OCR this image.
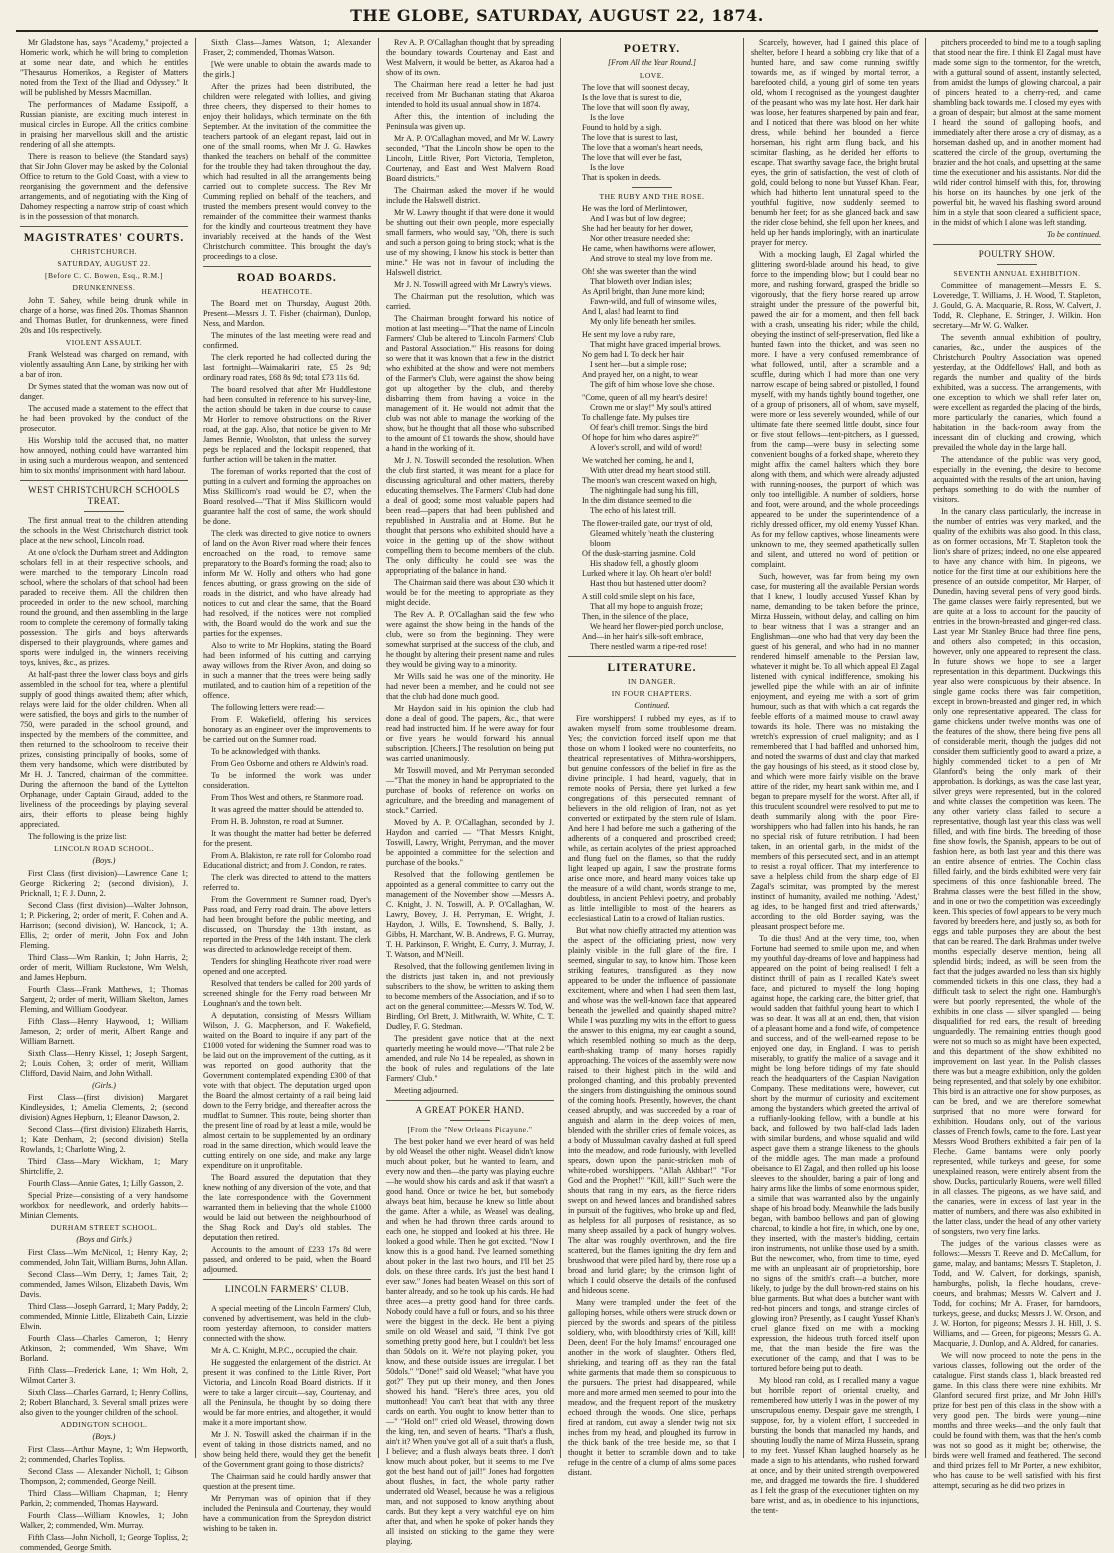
THE GLOBE, SATURDAY, AUGUST 22, 1874.

Mr Gladstone has, says "Academy," projected a Homeric work, which he will bring to completion at some near date, and which he entitles "Thesaurus Homerikos, a Register of Matters noted from the Text of the Iliad and Odyssey." It will be published by Messrs Macmillan.

The performances of Madame Essipoff, a Russian pianiste, are exciting much interest in musical circles in Europe. All the critics combine in praising her marvellous skill and the artistic rendering of all she attempts.

There is reason to believe (the Standard says) that Sir John Glover may be asked by the Colonial Office to return to the Gold Coast, with a view to reorganising the government and the defensive arrangements, and of negotiating with the King of Dahomey respecting a narrow strip of coast which is in the possession of that monarch.

MAGISTRATES' COURTS.
CHRISTCHURCH.
SATURDAY, AUGUST 22.
[Before C. C. Bowen, Esq., R.M.]
DRUNKENNESS.

John T. Sahey, while being drunk while in charge of a horse, was fined 20s. Thomas Shannon and Thomas Butler, for drunkenness, were fined 20s and 10s respectively.

VIOLENT ASSAULT.

Frank Welstead was charged on remand, with violently assaulting Ann Lane, by striking her with a bar of iron.

Dr Symes stated that the woman was now out of danger.

The accused made a statement to the effect that he had been provoked by the conduct of the prosecutor.

His Worship told the accused that, no matter how annoyed, nothing could have warranted him in using such a murderous weapon, and sentenced him to six months' imprisonment with hard labour.

WEST CHRISTCHURCH SCHOOLS TREAT.

The first annual treat to the children attending the schools in the West Christchurch district took place at the new school, Lincoln road.

At one o'clock the Durham street and Addington scholars fell in at their respective schools, and were marched to the temporary Lincoln road school, where the scholars of that school had been paraded to receive them. All the children then proceeded in order to the new school, marching round the ground, and then assembling in the large room to complete the ceremony of formally taking possession. The girls and boys afterwards dispersed to their playgrounds, where games and sports were indulged in, the winners receiving toys, knives, &c., as prizes.

At half-past three the lower class boys and girls assembled in the school for tea, where a plentiful supply of good things awaited them; after which, relays were laid for the older children. When all were satisfied, the boys and girls to the number of 750, were paraded in the school ground, and inspected by the members of the committee, and then returned to the schoolroom to receive their prizes, consisting principally of books, some of them very handsome, which were distributed by Mr H. J. Tancred, chairman of the committee. During the afternoon the band of the Lyttelton Orphanage, under Captain Giraud, added to the liveliness of the proceedings by playing several airs, their efforts to please being highly appreciated.

The following is the prize list:

LINCOLN ROAD SCHOOL.
(Boys.)

First Class (first division)—Lawrence Cane 1; George Rickering 2; (second division), J. Pricknall, 1; F. J. Dunn, 2.

Second Class (first division)—Walter Johnson, 1; P. Pickering, 2; order of merit, F. Cohen and A. Harrison; (second division), W. Hancock, 1; A. Ellis, 2; order of merit, John Fox and John Fleming.

Third Class—Wm Rankin, 1; John Harris, 2; order of merit, William Ruckstone, Wm Welsh, and James Hepburn.

Fourth Class—Frank Matthews, 1; Thomas Sargent, 2; order of merit, William Skelton, James Fleming, and William Goodyear.

Fifth Class—Henry Haywood, 1; William Jameson, 2; order of merit, Albert Range and William Barnett.

Sixth Class—Henry Kissel, 1; Joseph Sargent, 2; Louis Cohen, 3; order of merit, William Clifford, David Nairn, and John Withall.

(Girls.)

First Class—(first division) Margaret Kindleysides, 1; Amelia Clements, 2; (second division) Agnes Hepburn, 1; Eleanor Dawson, 2.

Second Class—(first division) Elizabeth Harris, 1; Kate Denham, 2; (second division) Stella Rowlands, 1; Charlotte Wing, 2.

Third Class—Mary Wickham, 1; Mary Shirtcliffe, 2.

Fourth Class—Annie Gates, 1; Lilly Gasson, 2.

Special Prize—consisting of a very handsome workbox for needlework, and orderly habits—Minian Clements.

DURHAM STREET SCHOOL.
(Boys and Girls.)

First Class—Wm McNicol, 1; Henry Kay, 2; commended, John Tait, William Burns, John Allan.

Second Class—Wm Derry, 1; James Tait, 2; commended, James Wilson, Elizabeth Davis, Wm Davis.

Third Class—Joseph Garrard, 1; Mary Paddy, 2; commended, Minnie Little, Elizabeth Cain, Lizzie Elwin.

Fourth Class—Charles Cameron, 1; Henry Atkinson, 2; commended, Wm Shave, Wm Borland.

Fifth Class—Frederick Lane, 1; Wm Holt, 2, Wilmot Carter 3.

Sixth Class—Charles Garrard, 1; Henry Collins, 2; Robert Blanchard, 3. Several small prizes were also given to the younger children of the school.

ADDINGTON SCHOOL.
(Boys.)

First Class—Arthur Mayne, 1; Wm Hepworth, 2; commended, Charles Topliss.

Second Class — Alexander Nicholl, 1; Gibson Thompson, 2; commended, George Neill.

Third Class—William Chapman, 1; Henry Parkin, 2; commended, Thomas Hayward.

Fourth Class—William Knowles, 1; John Walker, 2; commended, Wm. Murray.

Fifth Class—John Nicholl, 1; George Topliss, 2; commended, George Smith.

Sixth Class—James Watson, 1; Alexander Fraser, 2; commended, Thomas Watson.

[We were unable to obtain the awards made to the girls.]

After the prizes had been distributed, the children were relegated with lollies, and giving three cheers, they dispersed to their homes to enjoy their holidays, which terminate on the 6th September. At the invitation of the committee the teachers partook of an elegant repast, laid out in one of the small rooms, when Mr J. G. Hawkes thanked the teachers on behalf of the committee for the trouble they had taken throughout the day, which had resulted in all the arrangements being carried out to complete success. The Rev Mr Cumming replied on behalf of the teachers, and trusted the members present would convey to the remainder of the committee their warmest thanks for the kindly and courteous treatment they have invariably received at the hands of the West Christchurch committee. This brought the day's proceedings to a close.

ROAD BOARDS.
HEATHCOTE.

The Board met on Thursday, August 20th. Present—Messrs J. T. Fisher (chairman), Dunlop, Ness, and Mardon.

The minutes of the last meeting were read and confirmed.

The clerk reported he had collected during the last fortnight—Waimakariri rate, £5 2s 9d; ordinary road rates, £68 8s 9d; total £73 11s 6d.

The board resolved that after Mr Huddlestone had been consulted in reference to his survey-line, the action should be taken in due course to cause Mr Horler to remove obstructions on the River road, at the gap. Also, that notice be given to Mr James Bennie, Woolston, that unless the survey pegs be replaced and the lockspit reopened, that further action will be taken in the matter.

The foreman of works reported that the cost of putting in a culvert and forming the approaches on Miss Skillicorn's road would be £7, when the Board resolved—"That if Miss Skillicorn would guarantee half the cost of same, the work should be done.

The clerk was directed to give notice to owners of land on the Avon River road where their fences encroached on the road, to remove same preparatory to the Board's forming the road; also to inform Mr W. Holly and others who had gone fences abutting, or grass growing on the side of roads in the district, and who have already had notices to cut and clear the same, that the Board had resolved, if the notices were not complied with, the Board would do the work and sue the parties for the expenses.

Also to write to Mr Hopkins, stating the Board had been informed of his cutting and carrying away willows from the River Avon, and doing so in such a manner that the trees were being sadly mutilated, and to caution him of a repetition of the offence.

The following letters were read:—

From F. Wakefield, offering his services honorary as an engineer over the improvements to be carried out on the Sumner road.

To be acknowledged with thanks.

From Geo Osborne and others re Aldwin's road.

To be informed the work was under consideration.

From Thos West and others, re Stanmore road.

It was agreed the matter should be attended to.

From H. B. Johnston, re road at Sumner.

It was thought the matter had better be deferred for the present.

From A. Blakiston, re rate roll for Colombo road Educational district; and from J. Condon, re rates.

The clerk was directed to attend to the matters referred to.

From the Government re Sumner road, Dyer's Pass road, and Ferry road drain. The above letters had been brought before the public meeting, and discussed, on Thursday the 13th instant, as reported in the Press of the 14th instant. The clerk was directed to acknowledge receipt of them.

Tenders for shingling Heathcote river road were opened and one accepted.

Resolved that tenders be called for 200 yards of screened shingle for the Ferry road between Mr Loughnan's and the town belt.

A deputation, consisting of Messrs William Wilson, J. G. Macpherson, and F. Wakefield, waited on the Board to inquire if any part of the £1000 voted for widening the Sumner road was to be laid out on the improvement of the cutting, as it was reported on good authority that the Government contemplated expending £300 of that vote with that object. The deputation urged upon the Board the almost certainty of a rail being laid down to the Ferry bridge, and thereafter across the mudflat to Sumner. This route, being shorter than the present line of road by at least a mile, would be almost certain to be supplemented by an ordinary road in the same direction, which would leave the cutting entirely on one side, and make any large expenditure on it unprofitable.

The Board assured the deputation that they knew nothing of any diversion of the vote, and that the late correspondence with the Government warranted them in believing that the whole £1000 would be laid out between the neighbourhood of the Shag Rock and Day's old stables. The deputation then retired.

Accounts to the amount of £233 17s 8d were passed, and ordered to be paid, when the Board adjourned.

LINCOLN FARMERS' CLUB.

A special meeting of the Lincoln Farmers' Club, convened by advertisement, was held in the club-room yesterday afternoon, to consider matters connected with the show.

Mr A. C. Knight, M.P.C., occupied the chair.

He suggested the enlargement of the district. At present it was confined to the Little River, Port Victoria, and Lincoln Road Board districts. If it were to take a larger circuit—say, Courtenay, and all the Peninsula, he thought by so doing there would be far more entries, and altogether, it would make it a more important show.

Mr J. N. Toswill asked the chairman if in the event of taking in those districts named, and no show being held there, would they get the benefit of the Government grant going to those districts?

The Chairman said he could hardly answer that question at the present time.

Mr Perryman was of opinion that if they included the Peninsula and Courtenay, they would have a communication from the Spreydon district wishing to be taken in.

Rev A. P. O'Callaghan thought that by spreading the boundary towards Courtenay and East and West Malvern, it would be better, as Akaroa had a show of its own.

The Chairman here read a letter he had just received from Mr Buchanan stating that Akaroa intended to hold its usual annual show in 1874.

After this, the intention of including the Peninsula was given up.

Mr A. P. O'Callaghan moved, and Mr W. Lawry seconded, "That the Lincoln show be open to the Lincoln, Little River, Port Victoria, Templeton, Courtenay, and East and West Malvern Road Board districts."

The Chairman asked the mover if he would include the Halswell district.

Mr W. Lawry thought if that were done it would be shutting out their own people, more especially small farmers, who would say, "Oh, there is such and such a person going to bring stock; what is the use of my showing, I know his stock is better than mine." He was not in favour of including the Halswell district.

Mr J. N. Toswill agreed with Mr Lawry's views.

The Chairman put the resolution, which was carried.

The Chairman brought forward his notice of motion at last meeting—"That the name of Lincoln Farmers' Club be altered to 'Lincoln Farmers' Club and Pastoral Association.'" His reasons for doing so were that it was known that a few in the district who exhibited at the show and were not members of the Farmer's Club, were against the show being got up altogether by the club, and thereby disbarring them from having a voice in the management of it. He would not admit that the club was not able to manage the working of the show, but he thought that all those who subscribed to the amount of £1 towards the show, should have a hand in the working of it.

Mr J. N. Toswill seconded the resolution. When the club first started, it was meant for a place for discussing agricultural and other matters, thereby educating themselves. The Farmers' Club had done a deal of good; some most valuable papers had been read—papers that had been published and republished in Australia and at Home. But he thought that persons who exhibited should have a voice in the getting up of the show without compelling them to become members of the club. The only difficulty he could see was the appropriating of the balance in hand.

The Chairman said there was about £30 which it would be for the meeting to appropriate as they might decide.

The Rev A. P. O'Callaghan said the few who were against the show being in the hands of the club, were so from the beginning. They were somewhat surprised at the success of the club, and he thought by altering their present name and rules they would be giving way to a minority.

Mr Wills said he was one of the minority. He had never been a member, and he could not see that the club had done much good.

Mr Haydon said in his opinion the club had done a deal of good. The papers, &c., that were read had instructed him. If he were away for four or five years he would forward his annual subscription. [Cheers.] The resolution on being put was carried unanimously.

Mr Toswill moved, and Mr Perryman seconded—"That the money in hand be appropriated to the purchase of books of reference on works on agriculture, and the breeding and management of stock." Carried.

Moved by A. P. O'Callaghan, seconded by J. Haydon and carried — "That Messrs Knight, Toswill, Lawry, Wright, Perryman, and the mover be appointed a committee for the selection and purchase of the books."

Resolved that the following gentlemen be appointed as a general committee to carry out the management of the November show —Messrs A. C. Knight, J. N. Toswill, A. P. O'Callaghan, W. Lawry, Bovey, J. H. Perryman, E. Wright, J. Haydon, J. Wills, E. Townshend, S. Bally, J. Gibbs, H. Marchant, W. B. Andrews, F. G. Murray, T. H. Parkinson, F. Wright, E. Curry, J. Murray, J. T. Watson, and M'Neill.

Resolved, that the following gentlemen living in the districts just taken in, and not previously subscribers to the show, be written to asking them to become members of the Association, and if so to act on the general committee:—Messrs W. Tod, W. Birdling, Orl Brett, J. Mitlwraith, W. White, C. T. Dudley, F. G. Stedman.

The president gave notice that at the next quarterly meeting he would move—"That rule 2 be amended, and rule No 14 be repealed, as shown in the book of rules and regulations of the late Farmers' Club."

Meeting adjourned.

A GREAT POKER HAND.
[From the "New Orleans Picayune."

The best poker hand we ever heard of was held by old Weasel the other night. Weasel didn't know much about poker, but he wanted to learn, and every now and then—the party was playing euchre—he would show his cards and ask if that wasn't a good hand. Once or twice he bet, but somebody always beat him, because he knew so little about the game. After a while, as Weasel was dealing, and when he had thrown three cards around to each one, he stopped and looked at his three. He looked a good while. Then he got excited. "Now I know this is a good hand. I've learned something about poker in the last two hours, and I'll bet 25 dols. on these three cards. It's just the best hand I ever saw." Jones had beaten Weasel on this sort of banter already, and so he took up his cards. He had three aces—a pretty good hand for three cards. Nobody could have a full or fours, and so his three were the biggest in the deck. He bent a piying smile on old Weasel and said, "I think I've got something pretty good here, but I couldn't bet less than 50dols on it. We're not playing poker, you know, and these outside issues are irregular. I bet 50dols." "Done!" said old Weasel; "what have you got?" They put up their money, and then Jones showed his hand. "Here's three aces, you old muttonhead! You can't beat that with any three cards on earth. You ought to know better than to—" "Hold on!" cried old Weasel, throwing down the king, ten, and seven of hearts. "That's a flush, ain't it? When you've got all of a suit that's a flush, I believe; and a flush always beats three. I don't know much about poker, but it seems to me I've got the best hand out of jail!" Jones had forgotten about flushes, in fact, the whole party rather underrated old Weasel, because he was a religious man, and not supposed to know anything about cards. But they kept a very watchful eye on him after that, and when he spoke of poker hands they all insisted on sticking to the game they were playing.

POETRY.
[From All the Year Round.]
LOVE.
The love that will soonest decay,
Is the love that is surest to die,
The love that will soon fly away,
Is the love
Found to hold by a sigh.
The love that is surest to last,
The love that a woman's heart needs,
The love that will ever be fast,
Is the love
That is spoken in deeds.
THE RUBY AND THE ROSE.
He was the lord of Merlintower,
And I was but of low degree;
She had her beauty for her dower,
Nor other treasure needed she:
He came, when hawthorns were aflower,
And strove to steal my love from me.
Oh! she was sweeter than the wind
That bloweth over Indian isles;
As April bright, than June more kind;
Fawn-wild, and full of winsome wiles,
And I, alas! had learnt to find
My only life beneath her smiles.
He sent my love a ruby rare,
That might have graced imperial brows.
No gem had I. To deck her hair
I sent her—but a simple rose;
And prayed her, on a night, to wear
The gift of him whose love she chose.
"Come, queen of all my heart's desire!
Crown me or slay!" My soul's attired
To challenge fate. My pulses tire
Of fear's chill tremor. Sings the bird
Of hope for him who dares aspire?"
A lover's scroll, and wild of word!
We watched her coming, he and I,
With utter dread my heart stood still.
The moon's wan crescent waxed on high,
The nightingale had sung his fill,
In the dim distance seemed to die
The echo of his latest trill.
The flower-trailed gate, our tryst of old,
Gleamed whitely 'neath the clustering bloom
Of the dusk-starring jasmine. Cold
His shadow fell, a ghostly gloom
Lurked where it lay. Oh heart o'er bold!
Hast thou but hastened utter doom?
A still cold smile slept on his face,
That all my hope to anguish froze;
Then, in the silence of the place,
We heard her flower-pied porch unclose,
And—in her hair's silk-soft embrace,
There nestled warm a ripe-red rose!
LITERATURE.
IN DANGER.
IN FOUR CHAPTERS.
Continued.

Fire worshippers! I rubbed my eyes, as if to awaken myself from some troublesome dream. Yes; the conviction forced itself upon me that those on whom I looked were no counterfeits, no theatrical representatives of Mithra-worshippers, but genuine confessors of the belief in fire as the divine principle. I had heard, vaguely, that in remote nooks of Persia, there yet lurked a few congregations of this persecuted remnant of believers in the old religion of Iran, not as yet converted or extirpated by the stern rule of Islam. And here I had before me such a gathering of the adherents of a conquered and proscribed creed; while, as certain acolytes of the priest approached and flung fuel on the flames, so that the ruddy light leaped up again, I saw the prostrate forms arise once more, and heard many voices take up the measure of a wild chant, words strange to me, doubtless, in ancient Pehlevi poetry, and probably as little intelligible to most of the hearers as ecclesiastical Latin to a crowd of Italian rustics.

But what now chiefly attracted my attention was the aspect of the officiating priest, now very plainly visible in the full glare of the fire. I seemed, singular to say, to know him. Those keen striking features, transfigured as they now appeared to be under the influence of passionate excitement, where and when I had seen them last, and whose was the well-known face that appeared beneath the jewelled and quaintly shaped mitre? While I was puzzling my wits in the effort to guess the answer to this enigma, my ear caught a sound, which resembled nothing so much as the deep, earth-shaking tramp of many horses rapidly approaching. The voices of the assembly were now raised to their highest pitch in the wild and prolonged chanting, and this probably prevented the singers from distinguishing the ominous sound of the coming hoofs. Presently, however, the chant ceased abruptly, and was succeeded by a roar of anguish and alarm in the deep voices of men, blended with the shriller cries of female voices, as a body of Mussulman cavalry dashed at full speed into the meadow, and rode furiously, with levelled spears, down upon the panic-stricken mob of white-robed worshippers. "Allah Akhbar!" "For God and the Prophet!" "Kill, kill!" Such were the shouts that rang in my ears, as the fierce riders swept on and hewed lances and brandished sabres in pursuit of the fugitives, who broke up and fled, as helpless for all purposes of resistance, as so many sheep assailed by a pack of hungry wolves. The altar was roughly overthrown, and the fire scattered, but the flames igniting the dry fern and brushwood that were piled hard by, there rose up a broad and lurid glare; by the crimson light of which I could observe the details of the confused and hideous scene.

Many were trampled under the feet of the galloping horses, while others were struck down or pierced by the swords and spears of the pitiless soldiery, who, with bloodthirsty cries of 'Kill, kill! Deen, deen! For the holy Imams!' encouraged one another in the work of slaughter. Others fled, shrieking, and tearing off as they ran the fatal white garments that made them so conspicuous to the pursuers. The priest had disappeared, while more and more armed men seemed to pour into the meadow, and the frequent report of the musketry echoed through the woods. One slice, perhaps fired at random, cut away a slender twig not six inches from my head, and ploughed its furrow in the thick bank of the tree beside me, so that I thought it better to scramble down and to take refuge in the centre of a clump of alms some paces distant.

Scarcely, however, had I gained this place of shelter, before I heard a sobbing cry like that of a hunted hare, and saw come running swiftly towards me, as if winged by mortal terror, a barefooted child, a young girl of some ten years old, whom I recognised as the youngest daughter of the peasant who was my late host. Her dark hair was loose, her features sharpened by pain and fear, and I noticed that there was blood on her white dress, while behind her bounded a fierce horseman, his right arm flung back, and his scimitar flashing, as he derided her efforts to escape. That swarthy savage face, the bright brutal eyes, the grin of satisfaction, the vest of cloth of gold, could belong to none but Yussef Khan. Fear, which had hitherto lent unnatural speed to the youthful fugitive, now suddenly seemed to benumb her feet; for as she glanced back and saw the rider close behind, she fell upon her knees, and held up her hands imploringly, with an inarticulate prayer for mercy.

With a mocking laugh, El Zagal whirled the glittering sword-blade around his head, to give force to the impending blow; but I could bear no more, and rushing forward, grasped the bridle so vigorously, that the fiery horse reared up arrow straight under the pressure of the powerful bit, pawed the air for a moment, and then fell back with a crash, unseating his rider; while the child, obeying the instinct of self-preservation, fled like a hunted fawn into the thicket, and was seen no more. I have a very confused remembrance of what followed, until, after a scramble and a scuffle, during which I had more than one very narrow escape of being sabred or pistolled, I found myself, with my hands tightly bound together, one of a group of prisoners, all of whom, save myself, were more or less severely wounded, while of our ultimate fate there seemed little doubt, since four or five stout fellows—tent-pitchers, as I guessed, from the camp—were busy in selecting some convenient boughs of a forked shape, whereto they might affix the camel halters which they bore along with them, and which were already adjusted with running-nooses, the purport of which was only too intelligible. A number of soldiers, horse and foot, were around, and the whole proceedings appeared to be under the superintendence of a richly dressed officer, my old enemy Yussef Khan. As for my fellow captives, whose lineaments were unknown to me, they seemed apathetically sullen and silent, and uttered no word of petition or complaint.

Such, however, was far from being my own case, for mustering all the available Persian words that I knew, I loudly accused Yussef Khan by name, demanding to be taken before the prince, Mirza Hussein, without delay, and calling on him to bear witness that I was a stranger and an Englishman—one who had that very day been the guest of his general, and who had in no manner rendered himself amenable to the Persian law, whatever it might be. To all which appeal El Zagal listened with cynical indifference, smoking his jewelled pipe the while with an air of infinite enjoyment, and eyeing me with a sort of grim humour, such as that with which a cat regards the feeble efforts of a maimed mouse to crawl away towards its hole. There was no mistaking the wretch's expression of cruel malignity; and as I remembered that I had baffled and unhorsed him, and noted the swarms of dust and clay that marked the gay housings of his steed, as it stood close by, and which were more fairly visible on the brave attire of the rider, my heart sank within me, and I began to prepare myself for the worst. After all, if this truculent scoundrel were resolved to put me to death summarily along with the poor Fire-worshippers who had fallen into his hands, he ran no special risk of future retribution. I had been taken, in an oriental garb, in the midst of the members of this persecuted sect, and in an attempt to resist a royal officer. That my interference to save a helpless child from the sharp edge of El Zagal's scimitar, was prompted by the merest instinct of humanity, availed me nothing. 'Adest,' ag ides, to be hanged first and tried afterwards,' according to the old Border saying, was the pleasant prospect before me.

To die thus! And at the very time, too, when Fortune had seemed to smile upon me, and when my youthful day-dreams of love and happiness had appeared on the point of being realised! I felt a distinct thrill of pain as I recalled Kate's sweet face, and pictured to myself the long hoping against hope, the carking care, the bitter grief, that would sadden that faithful young heart to which I was so dear. It was all at an end, then, that vision of a pleasant home and a fond wife, of competence and success, and of the well-earned repose to be enjoyed one day, in England. I was to perish miserably, to gratify the malice of a savage and it might be long before tidings of my fate should reach the headquarters of the Caspian Navigation Company. These meditations were, however, cut short by the murmur of curiosity and excitement among the bystanders which greeted the arrival of a ruffianly-looking fellow, with a bundle at his back, and followed by two half-clad lads laden with similar burdens, and whose squalid and wild aspect gave them a strange likeness to the ghouls of the middle ages. The man made a profound obeisance to El Zagal, and then rolled up his loose sleeves to the shoulder, baring a pair of long and hairy arms like the limbs of some enormous spider, a simile that was warranted also by the ungainly shape of his broad body. Meanwhile the lads busily began, with bamboo bellows and pan of glowing charcoal, to kindle a hot fire, in which, one by one, they inserted, with the master's bidding, certain iron instruments, not unlike those used by a smith. But the newcomer, who, from time to time, eyed me with an unpleasant air of proprietorship, bore no signs of the smith's craft—a butcher, more likely, to judge by the dull brown-red stains on his blue garments. But what does a butcher want with red-hot pincers and tongs, and strange circles of glowing iron? Presently, as I caught Yussef Khan's cruel glance fixed on me with a mocking expression, the hideous truth forced itself upon me, that the man beside the fire was the executioner of the camp, and that I was to be tortured before being put to death.

My blood ran cold, as I recalled many a vague but horrible report of oriental cruelty, and remembered how utterly I was in the power of my unscrupulous enemy. Despair gave me strength, I suppose, for, by a violent effort, I succeeded in bursting the bonds that manacled my hands, and shouting loudly the name of Mirza Hussein, sprang to my feet. Yussef Khan laughed hoarsely as he made a sign to his attendants, who rushed forward at once, and by their united strength overpowered me, and dragged me towards the fire. I shuddered as I felt the grasp of the executioner tighten on my bare wrist, and as, in obedience to his injunctions, the tent-

pitchers proceeded to bind me to a tough sapling that stood near the fire. I think El Zagal must have made some sign to the tormentor, for the wretch, with a guttural sound of assent, instantly selected, from amidst the lumps of glowing charcoal, a pair of pincers heated to a cherry-red, and came shambling back towards me. I closed my eyes with a groan of despair; but almost at the same moment I heard the sound of galloping hoofs, and immediately after there arose a cry of dismay, as a horseman dashed up, and in another moment had scattered the circle of the group, overturning the brazier and the hot coals, and upsetting at the same time the executioner and his assistants. Nor did the wild rider control himself with this, for, throwing his horse on its haunches by one jerk of the powerful bit, he waved his flashing sword around him in a style that soon cleared a sufficient space, in the midst of which I alone was left standing.

To be continued.
POULTRY SHOW.
SEVENTH ANNUAL EXHIBITION.

Committee of management—Messrs E. S. Loveredge, T. Williams, J. H. Wood, T. Stapleton, J. Gould, G. A. Macquarie, R. Ross, W. Calvert, J. Todd, R. Clephane, E. Stringer, J. Wilkin. Hon secretary—Mr W. G. Walker.

The seventh annual exhibition of poultry, canaries, &c., under the auspices of the Christchurch Poultry Association was opened yesterday, at the Oddfellows' Hall, and both as regards the number and quality of the birds exhibited, was a success. The arrangements, with one exception to which we shall refer later on, were excellent as regarded the placing of the birds, more particularly the canaries, which found a habitation in the back-room away from the incessant din of clucking and crowing, which prevailed the whole day in the large hall.

The attendance of the public was very good, especially in the evening, the desire to become acquainted with the results of the art union, having perhaps something to do with the number of visitors.

In the canary class particularly, the increase in the number of entries was very marked, and the quality of the exhibits was also good. In this class, as on former occasions, Mr T. Stapleton took the lion's share of prizes; indeed, no one else appeared to have any chance with him. In pigeons, we notice for the first time at our exhibitions here the presence of an outside competitor, Mr Harper, of Dunedin, having several pens of very good birds. The game classes were fairly represented, but we are quite at a loss to account for the paucity of entries in the brown-breasted and ginger-red class. Last year Mr Stanley Bruce had three fine pens, and others also competed; in this occasion, however, only one appeared to represent the class. In future shows we hope to see a larger representation in this department. Duckwings this year also were conspicuous by their absence. In single game cocks there was fair competition, except in brown-breasted and ginger red, in which only one representative appeared. The class for game chickens under twelve months was one of the features of the show, there being five pens all of considerable merit, though the judges did not consider them sufficiently good to award a prize, a highly commended ticket to a pen of Mr Glanford's being the only mark of their approbation. Is dorkings, as was the case last year, silver greys were represented, but in the colored and white classes the competition was keen. The any other variety class failed to secure a representative, though last year this class was well filled, and with fine birds. The breeding of those fine show fowls, the Spanish, appears to be out of fashion here, as both last year and this there was an entire absence of entries. The Cochin class filled fairly, and the birds exhibited were very fair specimens of this once fashionable breed. The Brahma classes were the best filled in the show, and in one or two the competition was exceedingly keen. This species of fowl appears to be very much favored by breeders here, and justly so, as both for eggs and table purposes they are about the best that can be reared. The dark Brahmas under twelve months especially deserve mention, being all splendid birds; indeed, as will be seen from the fact that the judges awarded no less than six highly commended tickets in this one class, they had a difficult task to select the right one. Hamburgh's were but poorly represented, the whole of the exhibits in one class — silver spangled — being disqualified for red ears, the result of breeding unguardedly. The remaining entries though good were not so much so as might have been expected, and this department of the show exhibited no improvement on last year. In the Polish classes there was but a meagre exhibition, only the golden being represented, and that solely by one exhibitor. This bird is an attractive one for show purposes, as can be bred, and we are therefore somewhat surprised that no more were forward for exhibition. Houdans only, out of the various classes of French fowls, came to the fore. Last year Messrs Wood Brothers exhibited a fair pen of la Fleche. Game bantams were only poorly represented, while turkeys and geese, for some unexplained reason, were entirely absent from the show. Ducks, particularly Rouens, were well filled in all classes. The pigeons, as we have said, and the canaries, were in excess of last year in the matter of numbers, and there was also exhibited in the latter class, under the head of any other variety of songsters, two very fine larks.

The judges of the various classes were as follows:—Messrs T. Reeve and D. McCallum, for game, malay, and bantams; Messrs T. Stapleton, J. Todd, and W. Calvert, for dorkings, spanish, hamburghs, polish, la fleche houdans, creve-coeurs, and brahmas; Messrs W. Calvert and J. Todd, for cochins; Mr A. Fraser, for barndoors, turkeys, geese, and ducks; Messrs J. W. Orson, and J. W. Horton, for pigeons; Messrs J. H. Hill, J. S. Williams, and — Green, for pigeons; Messrs G. A. Macquarie, J. Dunlop, and A. Aldred, for canaries.

We will now proceed to note the pens in the various classes, following out the order of the catalogue. First stands class 1, black breasted red game. In this class there were nine exhibits. Mr Glanford secured first prize, and Mr John Hill's prize for best pen of this class in the show with a very good pen. The birds were young—nine months and three weeks—and the only fault that could be found with them, was that the hen's comb was not so good as it might be; otherwise, the birds were well framed and feathered. The second and third prizes fell to Mr Porter, a new exhibitor, who has cause to be well satisfied with his first attempt, securing as he did two prizes in
